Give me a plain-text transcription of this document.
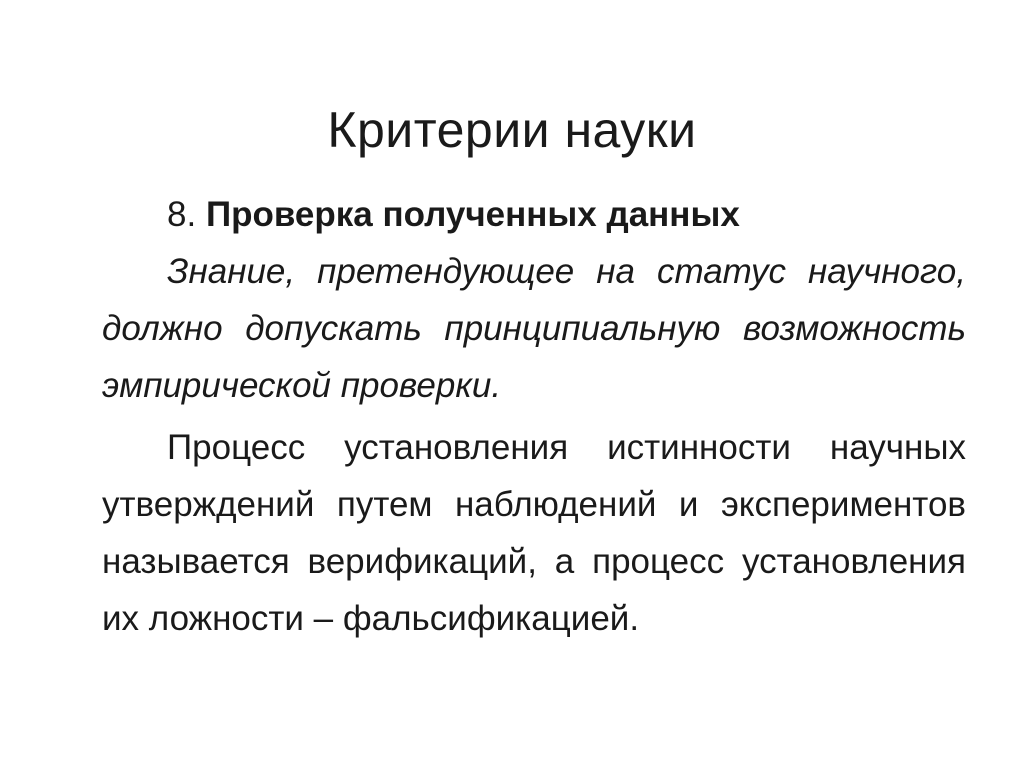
Критерии науки

8. Проверка полученных данных

Знание, претендующее на статус научного, должно допускать принципиальную возможность эмпирической проверки.

Процесс установления истинности научных утверждений путем наблюдений и экспериментов называется верификаций, а процесс установления их ложности – фальсификацией.
